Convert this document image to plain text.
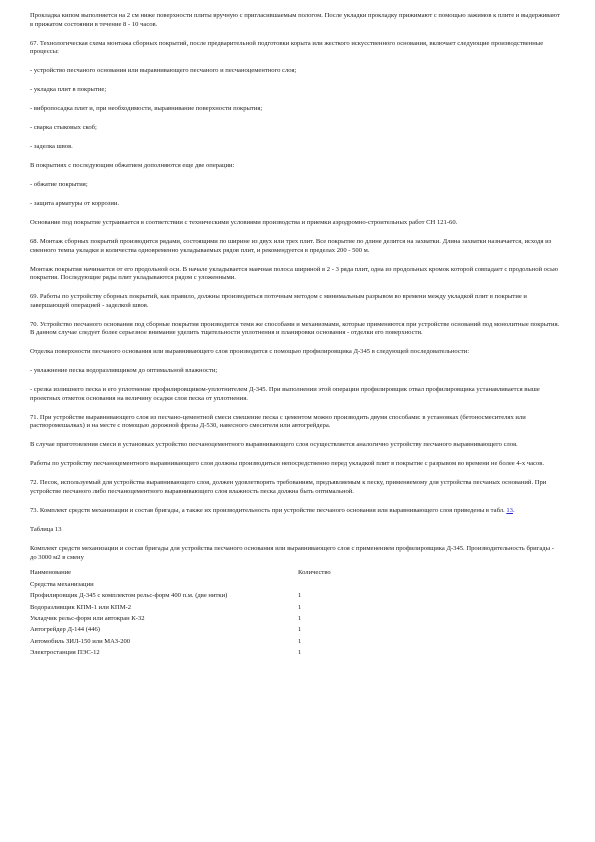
Прокладка кипом выполняется на 2 см ниже поверхности плиты вручную с пригласившаемым пологом. После укладки прокладку прижимают с помощью зажимов к плите и выдерживают в прижатом состоянии в течение 8 - 10 часов.

67. Технологическая схема монтажа сборных покрытий, после предварительной подготовки корыта или жесткого искусственного основания, включает следующие производственные процессы:

- устройство песчаного основания или выравнивающего песчаного и песчаноцементного слоя;

- укладка плит в покрытие;

- вибропосадка плит и, при необходимости, выравнивание поверхности покрытия;

- сварка стыковых скоб;

- заделка швов.

В покрытиях с последующим обжатием дополняются еще две операции:

- обжатие покрытия;

- защита арматуры от коррозии.

Основание под покрытие устраивается в соответствии с техническими условиями производства и приемки аэродромно-строительных работ СН 121-60.

68. Монтаж сборных покрытий производится рядами, состоящими по ширине из двух или трех плит. Все покрытие по длине делится на захватки. Длина захватки назначается, исходя из сменного темпа укладки и количества одновременно укладываемых рядов плит, и рекомендуется в пределах 200 - 500 м.

Монтаж покрытия начинается от его продольной оси. В начале укладывается маячная полоса шириной в 2 - 3 ряда плит, одна из продольных кромок которой совпадает с продольной осью покрытия. Последующие ряды плит укладываются рядом с уложенными.

69. Работы по устройству сборных покрытий, как правило, должны производиться поточным методом с минимальным разрывом во времени между укладкой плит в покрытие и завершающей операцией - заделкой швов.

70. Устройство песчаного основания под сборные покрытия производится теми же способами и механизмами, которые применяются при устройстве оснований под монолитные покрытия. В данном случае следует более серьезное внимание уделить тщательности уплотнения и планировки основания - отделки его поверхности.

Отделка поверхности песчаного основания или выравнивающего слоя производится с помощью профилировщика Д-345 в следующей последовательности:

- увлажнение песка водоразливщиком до оптимальной влажности;

- срезка излишнего песка и его уплотнение профилировщиком-уплотнителем Д-345. При выполнении этой операции профилировщик отвал профилировщика устанавливается выше проектных отметок основания на величину осадки слоя песка от уплотнения.

71. При устройстве выравнивающего слоя из песчано-цементной смеси смешение песка с цементом можно производить двумя способами: в установках (бетоносмесителях или растворомешалках) и на месте с помощью дорожной фрезы Д-530, навесного смесителя или автогрейдера.

В случае приготовления смеси в установках устройство песчаноцементного выравнивающего слоя осуществляется аналогично устройству песчаного выравнивающего слоя.

Работы по устройству песчаноцементного выравнивающего слоя должны производиться непосредственно перед укладкой плит в покрытие с разрывом во времени не более 4-х часов.

72. Песок, используемый для устройства выравнивающего слоя, должен удовлетворять требованиям, предъявляемым к песку, применяемому для устройства песчаных оснований. При устройстве песчаного либо песчаноцементного выравнивающего слоя влажность песка должна быть оптимальной.

73. Комплект средств механизации и состав бригады, а также их производительность при устройстве песчаного основания или выравнивающего слоя приведены в табл. 13.

Таблица 13

Комплект средств механизации и состав бригады для устройства песчаного основания или выравнивающего слоя с применением профилировщика Д-345. Производительность бригады - до 3000 м2 в смену

Наименование	Количество
Средства механизации
Профилировщик Д-345 с комплектом рельс-форм 400 п.м. (две нитки)	1
Водоразливщик КПМ-1 или КПМ-2	1
Укладчик рельс-форм или автокран К-32	1
Автогрейдер Д-144 (446)	1
Автомобиль ЗИЛ-150 или МАЗ-200	1
Электростанция ПЭС-12	1
